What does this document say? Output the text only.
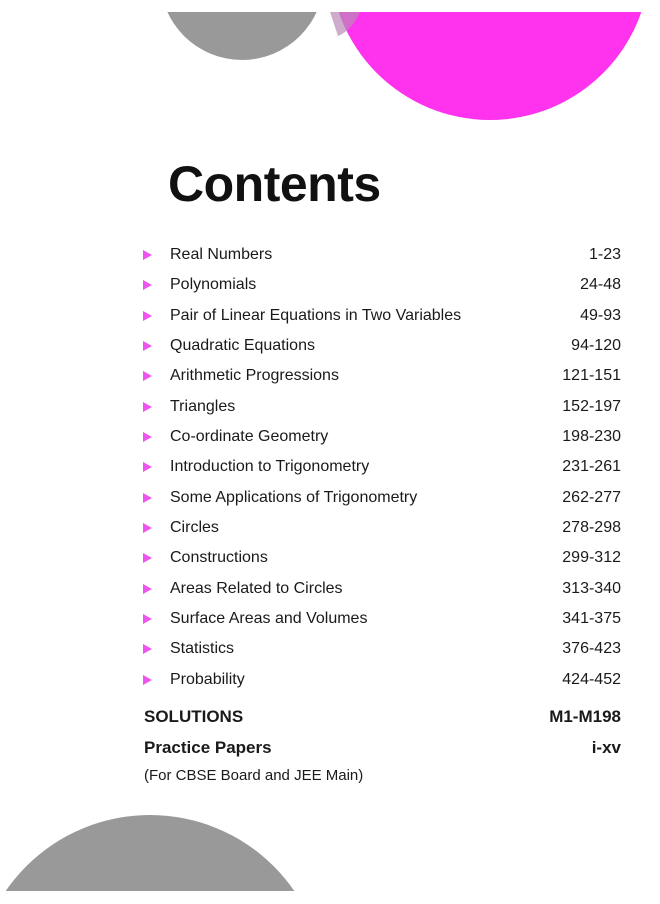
Contents
Real Numbers	1-23
Polynomials	24-48
Pair of Linear Equations in Two Variables	49-93
Quadratic Equations	94-120
Arithmetic Progressions	121-151
Triangles	152-197
Co-ordinate Geometry	198-230
Introduction to Trigonometry	231-261
Some Applications of Trigonometry	262-277
Circles	278-298
Constructions	299-312
Areas Related to Circles	313-340
Surface Areas and Volumes	341-375
Statistics	376-423
Probability	424-452
SOLUTIONS	M1-M198
Practice Papers	i-xv
(For CBSE Board and JEE Main)
